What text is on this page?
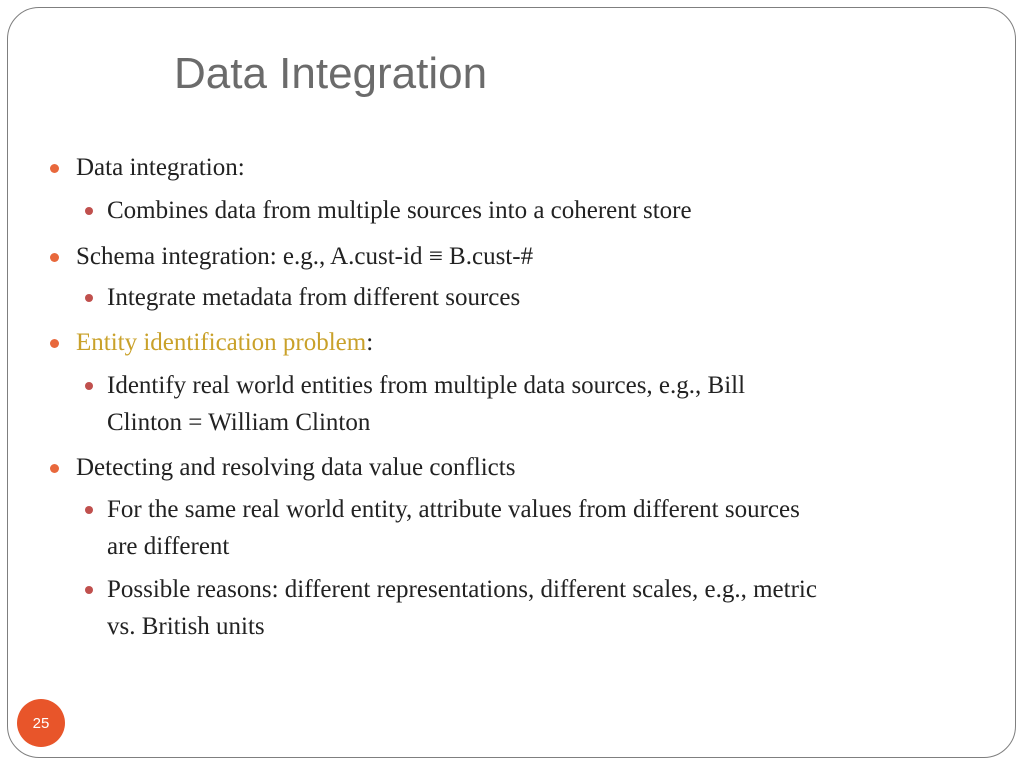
Data Integration
Data integration:
Combines data from multiple sources into a coherent store
Schema integration: e.g., A.cust-id ≡ B.cust-#
Integrate metadata from different sources
Entity identification problem:
Identify real world entities from multiple data sources, e.g., Bill
Clinton = William Clinton
Detecting and resolving data value conflicts
For the same real world entity, attribute values from different sources
are different
Possible reasons: different representations, different scales, e.g., metric
vs. British units
25
